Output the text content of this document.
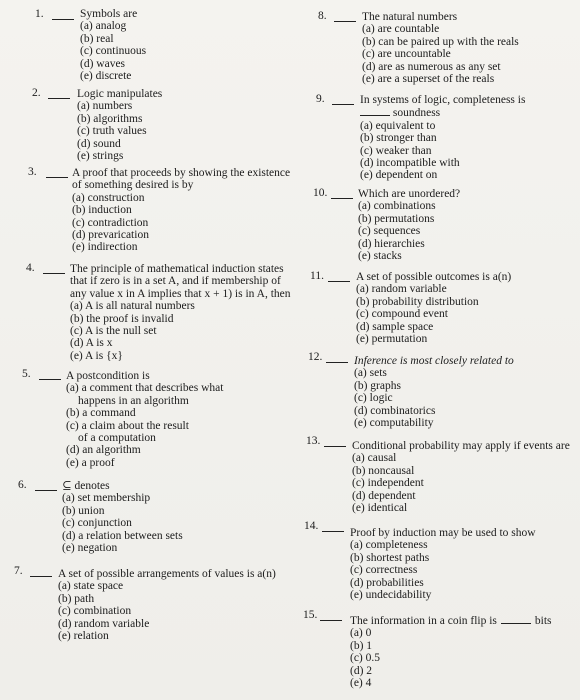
1.	Symbols are
(a) analog
(b) real
(c) continuous
(d) waves
(e) discrete
2.	Logic manipulates
(a) numbers
(b) algorithms
(c) truth values
(d) sound
(e) strings
3.	A proof that proceeds by showing the existence
of something desired is by
(a) construction
(b) induction
(c) contradiction
(d) prevarication
(e) indirection
4.	The principle of mathematical induction states
that if zero is in a set A, and if membership of
any value x in A implies that x + 1) is in A, then
(a) A is all natural numbers
(b) the proof is invalid
(c) A is the null set
(d) A is x
(e) A is {x}
5.	A postcondition is
(a) a comment that describes what
happens in an algorithm
(b) a command
(c) a claim about the result
of a computation
(d) an algorithm
(e) a proof
6.	⊆ denotes
(a) set membership
(b) union
(c) conjunction
(d) a relation between sets
(e) negation
7.	A set of possible arrangements of values is a(n)
(a) state space
(b) path
(c) combination
(d) random variable
(e) relation
8.	The natural numbers
(a) are countable
(b) can be paired up with the reals
(c) are uncountable
(d) are as numerous as any set
(e) are a superset of the reals
9.	In systems of logic, completeness is
soundness
(a) equivalent to
(b) stronger than
(c) weaker than
(d) incompatible with
(e) dependent on
10.	Which are unordered?
(a) combinations
(b) permutations
(c) sequences
(d) hierarchies
(e) stacks
11.	A set of possible outcomes is a(n)
(a) random variable
(b) probability distribution
(c) compound event
(d) sample space
(e) permutation
12.	Inference is most closely related to
(a) sets
(b) graphs
(c) logic
(d) combinatorics
(e) computability
13.	Conditional probability may apply if events are
(a) causal
(b) noncausal
(c) independent
(d) dependent
(e) identical
14.
Proof by induction may be used to show
(a) completeness
(b) shortest paths
(c) correctness
(d) probabilities
(e) undecidability
15.	The information in a coin flip is	bits
(a) 0
(b) 1
(c) 0.5
(d) 2
(e) 4
